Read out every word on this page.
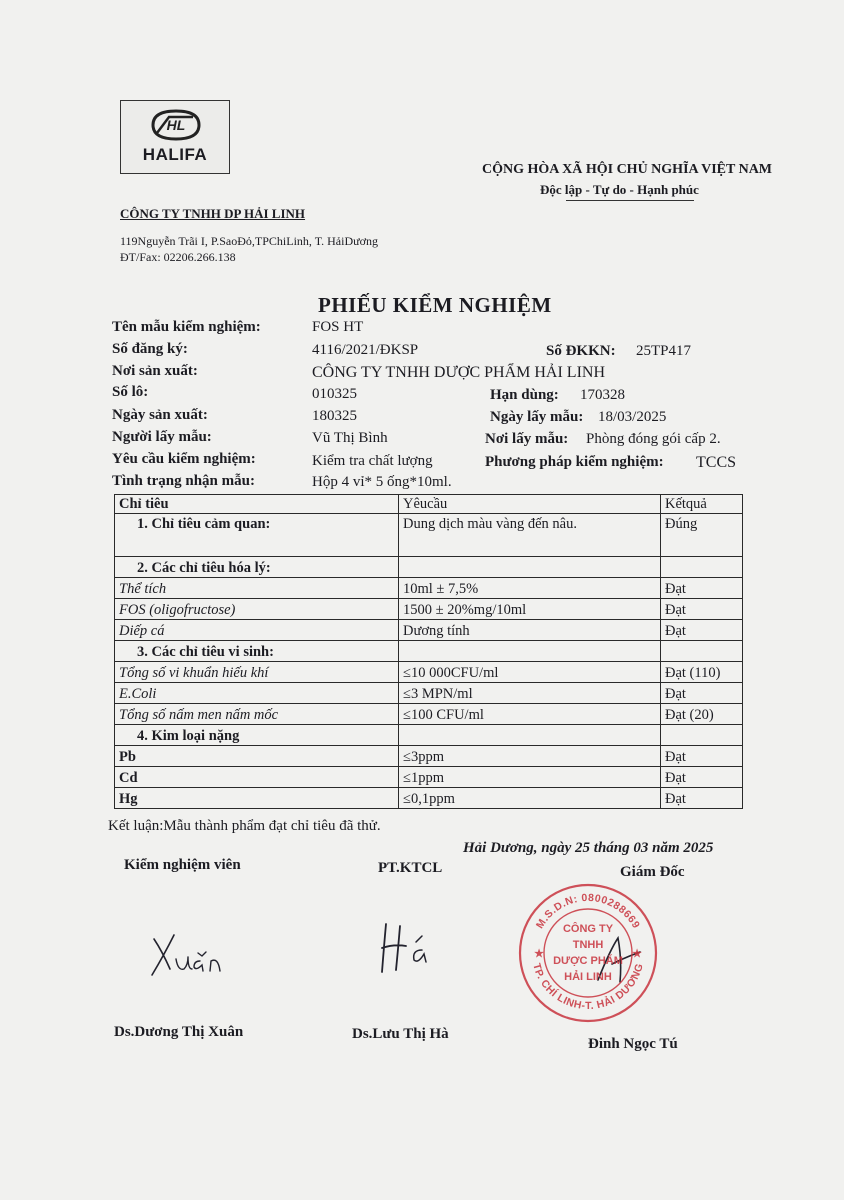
HL
HALIFA
CỘNG HÒA XÃ HỘI CHỦ NGHĨA VIỆT NAM
Độc lập - Tự do - Hạnh phúc
CÔNG TY TNHH DP HẢI LINH
119Nguyễn Trãi I, P.SaoĐỏ,TPChiLinh, T. HảiDương
ĐT/Fax: 02206.266.138
PHIẾU KIỂM NGHIỆM
Tên mẫu kiểm nghiệm:	FOS HT
Số đăng ký:	4116/2021/ĐKSP	Số ĐKKN: 25TP417
Nơi sản xuất:	CÔNG TY TNHH DƯỢC PHẨM HẢI LINH
Số lô:	010325	Hạn dùng: 170328
Ngày sản xuất:	180325	Ngày lấy mẫu: 18/03/2025
Người lấy mẫu:	Vũ Thị Bình	Nơi lấy mẫu: Phòng đóng gói cấp 2.
Yêu cầu kiểm nghiệm:	Kiểm tra chất lượng	Phương pháp kiểm nghiệm: TCCS
Tình trạng nhận mẫu:	Hộp 4 vỉ* 5 ống*10ml.
Chỉ tiêu	Yêucầu	Kếtquả
1. Chỉ tiêu cảm quan:	Dung dịch màu vàng đến nâu.	Đúng
2. Các chỉ tiêu hóa lý:		
Thể tích	10ml ± 7,5%	Đạt
FOS (oligofructose)	1500 ± 20%mg/10ml	Đạt
Diếp cá	Dương tính	Đạt
3. Các chỉ tiêu vi sinh:		
Tổng số vi khuẩn hiếu khí	≤10 000CFU/ml	Đạt (110)
E.Coli	≤3 MPN/ml	Đạt
Tổng số nấm men nấm mốc	≤100 CFU/ml	Đạt (20)
4. Kim loại nặng		
Pb	≤3ppm	Đạt
Cd	≤1ppm	Đạt
Hg	≤0,1ppm	Đạt
Kết luận:Mẫu thành phẩm đạt chỉ tiêu đã thử.
Hải Dương, ngày 25 tháng 03 năm 2025
Kiểm nghiệm viên	PT.KTCL	Giám Đốc
M.S.D.N: 0800288669
TP. CHÍ LINH-T. HẢI DƯƠNG
CÔNG TY
TNHH
DƯỢC PHẨM
HẢI LINH
★	★
Ds.Dương Thị Xuân	Ds.Lưu Thị Hà
Đinh Ngọc Tú
